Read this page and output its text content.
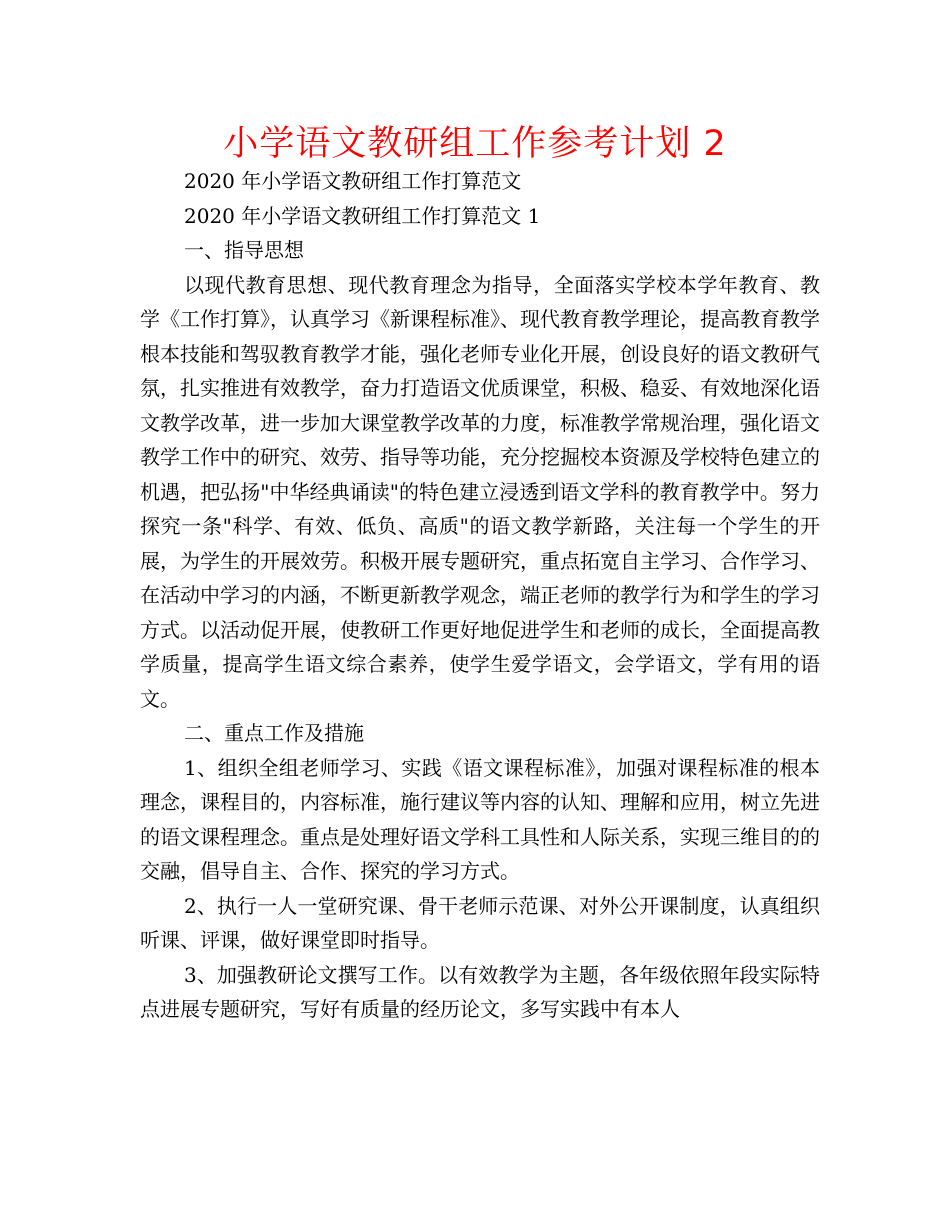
小学语文教研组工作参考计划 2

2020 年小学语文教研组工作打算范文

2020 年小学语文教研组工作打算范文 1

一、指导思想

以现代教育思想、现代教育理念为指导，全面落实学校本学年教育、教学《工作打算》，认真学习《新课程标准》、现代教育教学理论，提高教育教学根本技能和驾驭教育教学才能，强化老师专业化开展，创设良好的语文教研气氛，扎实推进有效教学，奋力打造语文优质课堂，积极、稳妥、有效地深化语文教学改革，进一步加大课堂教学改革的力度，标准教学常规治理，强化语文教学工作中的研究、效劳、指导等功能，充分挖掘校本资源及学校特色建立的机遇，把弘扬"中华经典诵读"的特色建立浸透到语文学科的教育教学中。努力探究一条"科学、有效、低负、高质"的语文教学新路，关注每一个学生的开展，为学生的开展效劳。积极开展专题研究，重点拓宽自主学习、合作学习、在活动中学习的内涵，不断更新教学观念，端正老师的教学行为和学生的学习方式。以活动促开展，使教研工作更好地促进学生和老师的成长，全面提高教学质量，提高学生语文综合素养，使学生爱学语文，会学语文，学有用的语文。

二、重点工作及措施

1、组织全组老师学习、实践《语文课程标准》，加强对课程标准的根本理念，课程目的，内容标准，施行建议等内容的认知、理解和应用，树立先进的语文课程理念。重点是处理好语文学科工具性和人际关系，实现三维目的的交融，倡导自主、合作、探究的学习方式。

2、执行一人一堂研究课、骨干老师示范课、对外公开课制度，认真组织听课、评课，做好课堂即时指导。

3、加强教研论文撰写工作。以有效教学为主题，各年级依照年段实际特点进展专题研究，写好有质量的经历论文，多写实践中有本人
